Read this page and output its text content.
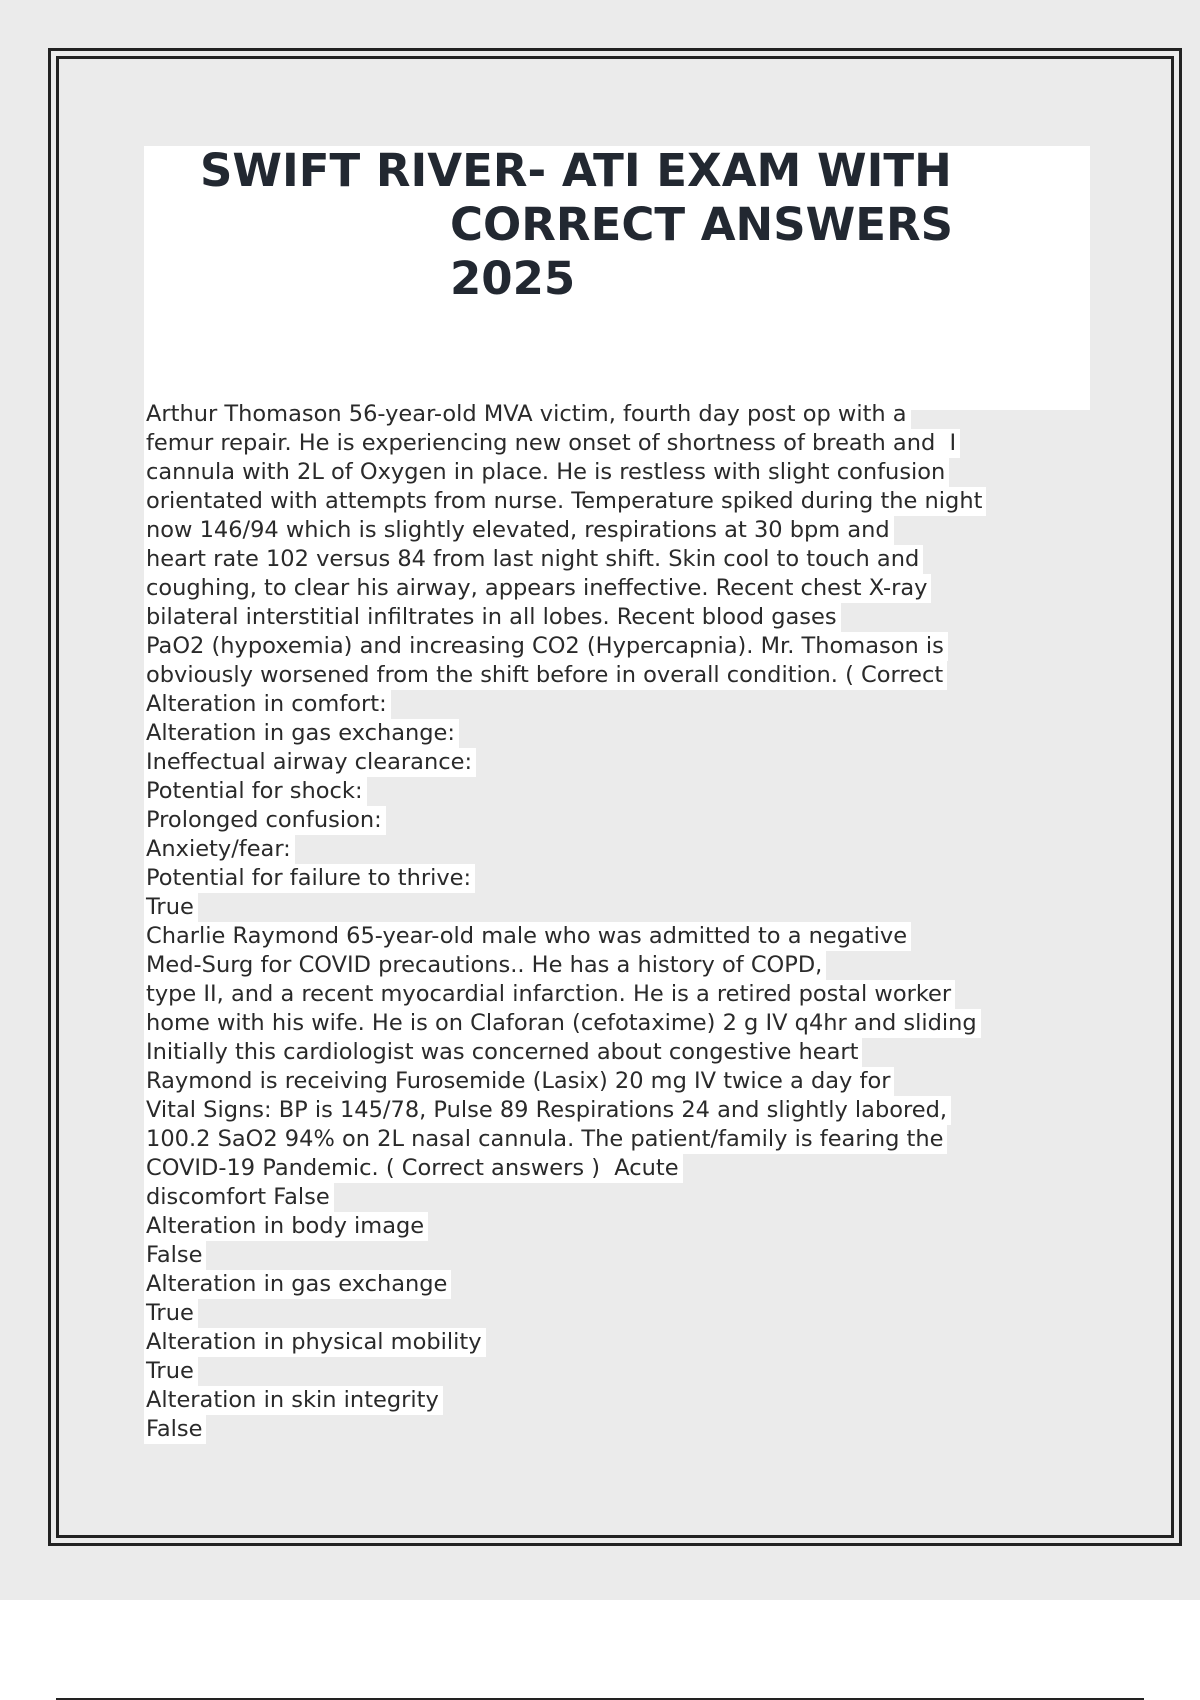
SWIFT RIVER- ATI EXAM WITH
CORRECT ANSWERS
2025
Arthur Thomason 56-year-old MVA victim, fourth day post op with a
femur repair. He is experiencing new onset of shortness of breath and  I
cannula with 2L of Oxygen in place. He is restless with slight confusion
orientated with attempts from nurse. Temperature spiked during the night
now 146/94 which is slightly elevated, respirations at 30 bpm and
heart rate 102 versus 84 from last night shift. Skin cool to touch and
coughing, to clear his airway, appears ineffective. Recent chest X-ray
bilateral interstitial infiltrates in all lobes. Recent blood gases
PaO2 (hypoxemia) and increasing CO2 (Hypercapnia). Mr. Thomason is
obviously worsened from the shift before in overall condition. ( Correct
Alteration in comfort:
Alteration in gas exchange:
Ineffectual airway clearance:
Potential for shock:
Prolonged confusion:
Anxiety/fear:
Potential for failure to thrive:
True
Charlie Raymond 65-year-old male who was admitted to a negative
Med-Surg for COVID precautions.. He has a history of COPD,
type II, and a recent myocardial infarction. He is a retired postal worker
home with his wife. He is on Claforan (cefotaxime) 2 g IV q4hr and sliding
Initially this cardiologist was concerned about congestive heart
Raymond is receiving Furosemide (Lasix) 20 mg IV twice a day for
Vital Signs: BP is 145/78, Pulse 89 Respirations 24 and slightly labored,
100.2 SaO2 94% on 2L nasal cannula. The patient/family is fearing the
COVID-19 Pandemic. ( Correct answers )  Acute
discomfort False
Alteration in body image
False
Alteration in gas exchange
True
Alteration in physical mobility
True
Alteration in skin integrity
False
